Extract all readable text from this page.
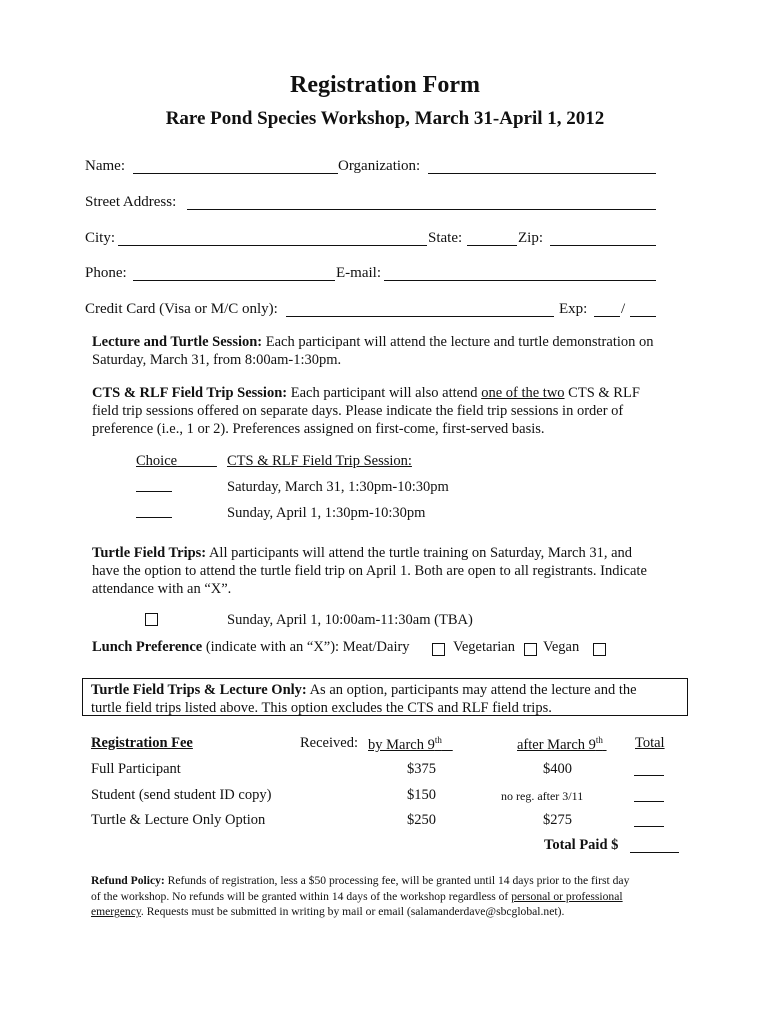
Registration Form
Rare Pond Species Workshop, March 31-April 1, 2012
Name:	Organization:
Street Address:
City:	State:	Zip:
Phone:	E-mail:
Credit Card (Visa or M/C only):	Exp: /
Lecture and Turtle Session: Each participant will attend the lecture and turtle demonstration on
Saturday, March 31, from 8:00am-1:30pm.
CTS & RLF Field Trip Session: Each participant will also attend one of the two CTS & RLF
field trip sessions offered on separate days. Please indicate the field trip sessions in order of
preference (i.e., 1 or 2). Preferences assigned on first-come, first-served basis.
Choice	CTS & RLF Field Trip Session:
Saturday, March 31, 1:30pm-10:30pm
Sunday, April 1, 1:30pm-10:30pm
Turtle Field Trips: All participants will attend the turtle training on Saturday, March 31, and
have the option to attend the turtle field trip on April 1. Both are open to all registrants. Indicate
attendance with an “X”.
Sunday, April 1, 10:00am-11:30am (TBA)
Lunch Preference (indicate with an “X”): Meat/Dairy	Vegetarian Vegan
Turtle Field Trips & Lecture Only: As an option, participants may attend the lecture and the
turtle field trips listed above. This option excludes the CTS and RLF field trips.
Registration Fee	Received: by March 9th	after March 9th Total
Full Participant	$375	$400
Student (send student ID copy)	$150	no reg. after 3/11
Turtle & Lecture Only Option	$250	$275
Total Paid $
Refund Policy: Refunds of registration, less a $50 processing fee, will be granted until 14 days prior to the first day
of the workshop. No refunds will be granted within 14 days of the workshop regardless of personal or professional
emergency. Requests must be submitted in writing by mail or email (salamanderdave@sbcglobal.net).
